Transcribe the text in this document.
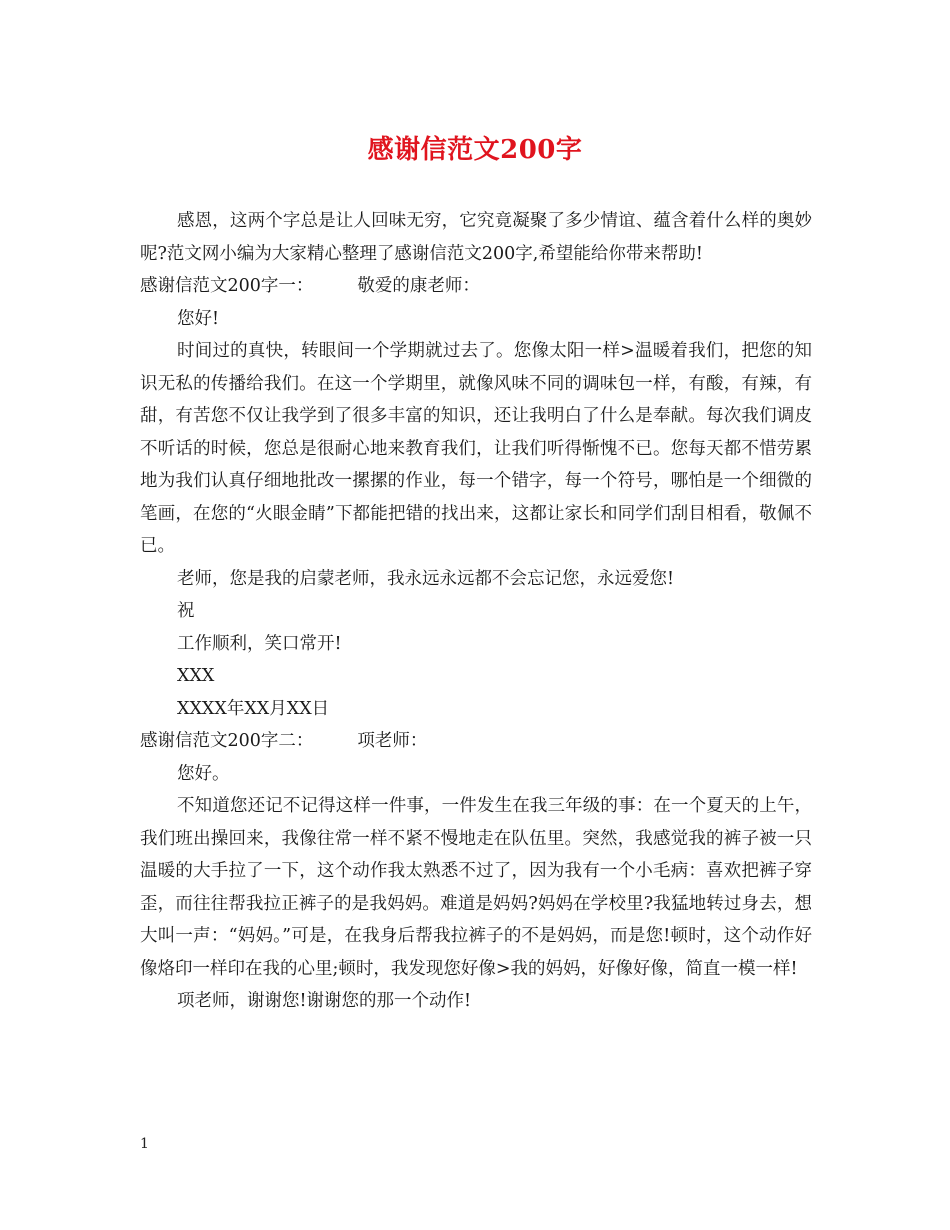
感谢信范文200字

感恩，这两个字总是让人回味无穷，它究竟凝聚了多少情谊、蕴含着什么样的奥妙呢?范文网小编为大家精心整理了感谢信范文200字,希望能给你带来帮助!

感谢信范文200字一：	敬爱的康老师：

您好!

时间过的真快，转眼间一个学期就过去了。您像太阳一样>温暖着我们，把您的知识无私的传播给我们。在这一个学期里，就像风味不同的调味包一样，有酸，有辣，有甜，有苦您不仅让我学到了很多丰富的知识，还让我明白了什么是奉献。每次我们调皮不听话的时候，您总是很耐心地来教育我们，让我们听得惭愧不已。您每天都不惜劳累地为我们认真仔细地批改一摞摞的作业，每一个错字，每一个符号，哪怕是一个细微的笔画，在您的“火眼金睛”下都能把错的找出来，这都让家长和同学们刮目相看，敬佩不已。

老师，您是我的启蒙老师，我永远永远都不会忘记您，永远爱您!

祝

工作顺利，笑口常开!

XXX

XXXX年XX月XX日

感谢信范文200字二：	项老师：

您好。

不知道您还记不记得这样一件事，一件发生在我三年级的事：在一个夏天的上午，我们班出操回来，我像往常一样不紧不慢地走在队伍里。突然，我感觉我的裤子被一只温暖的大手拉了一下，这个动作我太熟悉不过了，因为我有一个小毛病：喜欢把裤子穿歪，而往往帮我拉正裤子的是我妈妈。难道是妈妈?妈妈在学校里?我猛地转过身去，想大叫一声：“妈妈。”可是，在我身后帮我拉裤子的不是妈妈，而是您!顿时，这个动作好像烙印一样印在我的心里;顿时，我发现您好像>我的妈妈，好像好像，简直一模一样!

项老师，谢谢您!谢谢您的那一个动作!

1
